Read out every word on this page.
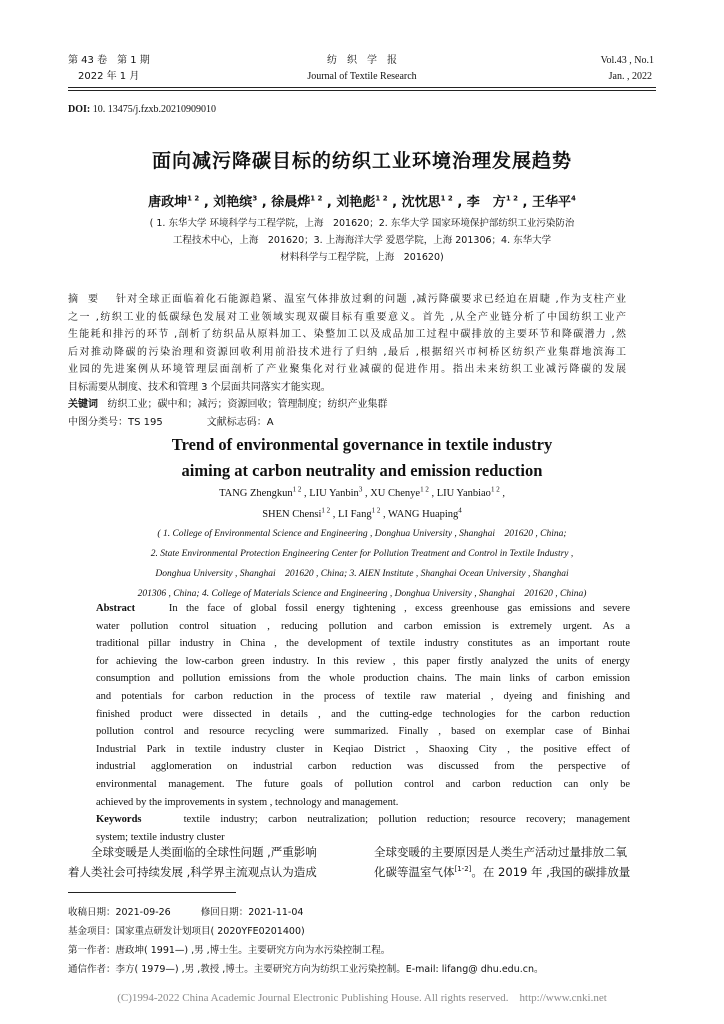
第 43 卷　第 1 期
2022 年 1 月
纺　织　学　报
Journal of Textile Research
Vol.43 , No.1
Jan. , 2022
DOI: 10. 13475/j.fzxb.20210909010
面向减污降碳目标的纺织工业环境治理发展趋势
唐政坤$^{1 2}$ , 刘艳缤$^3$ , 徐晨烨$^{1 2}$ , 刘艳彪$^{1 2}$ , 沈忱思$^{1 2}$ , 李　方$^{1 2}$ , 王华平$^4$
( 1. 东华大学 环境科学与工程学院，上海　201620；2. 东华大学 国家环境保护部纺织工业污染防治
工程技术中心，上海　201620；3. 上海海洋大学 爱恩学院，上海 201306；4. 东华大学
材料科学与工程学院，上海　201620)
摘　要	针对全球正面临着化石能源趋紧、温室气体排放过剩的问题 ,减污降碳要求已经迫在眉睫 ,作为支柱产业
之一 ,纺织工业的低碳绿色发展对工业领域实现双碳目标有重要意义。首先 ,从全产业链分析了中国纺织工业产
生能耗和排污的环节 ,剖析了纺织品从原料加工、染整加工以及成品加工过程中碳排放的主要环节和降碳潜力 ,然
后对推动降碳的污染治理和资源回收利用前沿技术进行了归纳 ,最后 ,根据绍兴市柯桥区纺织产业集群地滨海工
业园的先进案例从环境管理层面剖析了产业聚集化对行业减碳的促进作用。指出未来纺织工业减污降碳的发展
目标需要从制度、技术和管理 3 个层面共同落实才能实现。
关键词 纺织工业；碳中和；减污；资源回收；管理制度；纺织产业集群
中图分类号：TS 195	文献标志码：A
Trend of environmental governance in textile industry
aiming at carbon neutrality and emission reduction
TANG Zhengkun$^{1 2}$ , LIU Yanbin$^3$ , XU Chenye$^{1 2}$ , LIU Yanbiao$^{1 2}$ ,
SHEN Chensi$^{1 2}$ , LI Fang$^{1 2}$ , WANG Huaping$^4$
( 1. College of Environmental Science and Engineering , Donghua University , Shanghai　201620 , China;
2. State Environmental Protection Engineering Center for Pollution Treatment and Control in Textile Industry ,
Donghua University , Shanghai　201620 , China; 3. AIEN Institute , Shanghai Ocean University , Shanghai
201306 , China; 4. College of Materials Science and Engineering , Donghua University , Shanghai　201620 , China)
Abstract	In the face of global fossil energy tightening , excess greenhouse gas emissions and severe
water pollution control situation , reducing pollution and carbon emission is extremely urgent. As a
traditional pillar industry in China , the development of textile industry constitutes as an important route
for achieving the low-carbon green industry. In this review , this paper firstly analyzed the units of energy
consumption and pollution emissions from the whole production chains. The main links of carbon emission
and potentials for carbon reduction in the process of textile raw material , dyeing and finishing and
finished product were dissected in details , and the cutting-edge technologies for the carbon reduction
pollution control and resource recycling were summarized. Finally , based on exemplar case of Binhai
Industrial Park in textile industry cluster in Keqiao District , Shaoxing City , the positive effect of
industrial agglomeration on industrial carbon reduction was discussed from the perspective of
environmental management. The future goals of pollution control and carbon reduction can only be
achieved by the improvements in system , technology and management.
Keywords	textile industry; carbon neutralization; pollution reduction; resource recovery; management
system; textile industry cluster
全球变暖是人类面临的全球性问题 ,严重影响
着人类社会可持续发展 ,科学界主流观点认为造成
全球变暖的主要原因是人类生产活动过量排放二氧
化碳等温室气体[1-2]。在 2019 年 ,我国的碳排放量
收稿日期：2021-09-26	修回日期：2021-11-04
基金项目：国家重点研发计划项目( 2020YFE0201400)
第一作者：唐政坤( 1991—) ,男 ,博士生。主要研究方向为水污染控制工程。
通信作者：李方( 1979—) ,男 ,教授 ,博士。主要研究方向为纺织工业污染控制。E-mail: lifang@ dhu.edu.cn。
(C)1994-2022 China Academic Journal Electronic Publishing House. All rights reserved.　http://www.cnki.net
